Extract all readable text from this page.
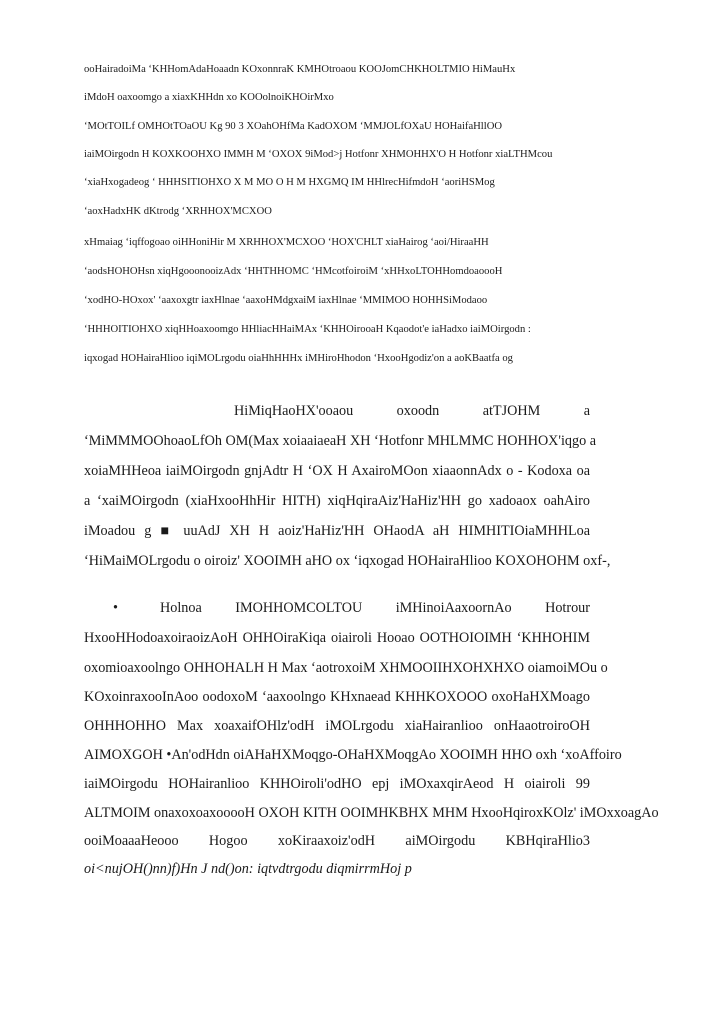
ooHairadoiMa ‘KHHomAdaHoaadn KOxonnraK KMHOtroaou KOOJomCHKHOLTMIO HiMauHx
iMdoH oaxoomgo a xiaxKHHdn xo KOOolnoiKHOirMxo
‘MOtTOILf OMHOtTOaOU Kg 90 3 XOahOHfMa KadOXOM ‘MMJOLfOXaU HOHaifaHllOO
iaiMOirgodn H KOXKOOHXO IMMH M ‘OXOX 9iMod>j Hotfonr XHMOHHX'O H Hotfonr xiaLTHMcou
‘xiaHxogadeog ‘ HHHSITIOHXO X M MO O H M HXGMQ IM HHlrecHifmdoH ‘aoriHSMog
‘aoxHadxHK dKtrodg ‘XRHHOX'MCXOO
xHmaiag ‘iqffogoao oiHHoniHir M XRHHOX'MCXOO ‘HOX'CHLT xiaHairog ‘aoi/HiraaHH
‘aodsHOHOHsn xiqHgooonooizAdx ‘HHTHHOMC ‘HMcotfoiroiM ‘xHHxoLTOHHomdoaoooH
‘xodHO-HOxox' ‘aaxoxgtr iaxHlnae ‘aaxoHMdgxaiM iaxHlnae ‘MMIMOO HOHHSiModaoo
‘HHHOITIOHXO xiqHHoaxoomgo HHliacHHaiMAx ‘KHHOirooaH Kqaodot'e iaHadxo iaiMOirgodn :
iqxogad HOHairaHlioo iqiMOLrgodu oiaHhHHHx iMHiroHhodon ‘HxooHgodiz'on a aoKBaatfa og
HiMiqHaoHX'ooaou oxoodn atTJOHM a
‘MiMMMOOhoaoLfOh OM(Max xoiaaiaeaH XH ‘Hotfonr MHLMMC HOHHOX'iqgo a
xoiaMHHeoa iaiMOirgodn gnjAdtr H ‘OX H AxairoMOon xiaaonnAdx o - Kodoxa oa
a ‘xaiMOirgodn (xiaHxooHhHir HITH) xiqHqiraAiz'HaHiz'HH go xadoaox oahAiro
iMoadou g ■ uuAdJ XH H aoiz'HaHiz'HH OHaodA aH HIMHITIOiaMHHLoa
‘HiMaiMOLrgodu o oiroiz' XOOIMH aHO ox ‘iqxogad HOHairaHlioo KOXOHOHM oxf-,
•	Holnoa IMOHHOMCOLTOU iMHinoiAaxoornAo Hotrour
HxooHHodoaxoiraoizAoH OHHOiraKiqa oiairoli Hooao OOTHOIOIMH ‘KHHOHIM
oxomioaxoolngo OHHOHALH H Max ‘aotroxoiM XHMOOIIHXOHXHXO oiamoiMOu o
KOxoinraxooInAoo oodoxoM ‘aaxoolngo KHxnaead KHHKOXOOO oxoHaHXMoago
OHHHOHHO Max xoaxaifOHlz'odH iMOLrgodu xiaHairanlioo onHaaotroiroOH
AIMOXGOH •An'odHdn oiAHaHXMoqgo-OHaHXMoqgAo XOOIMH HHO oxh ‘xoAffoiro
iaiMOirgodu HOHairanlioo KHHOiroli'odHO epj iMOxaxqirAeod H oiairoli 99
ALTMOIM onaxoxoaxooooH OXOH KITH OOIMHKBHX MHM HxooHqiroxKOlz' iMOxxoagAo
ooiMoaaaHeooo Hogoo xoKiraaxoiz'odH aiMOirgodu KBHqiraHlio3
oi<nujOH()nn)f)Hn J nd()on: iqtvdtrgodu diqmirrmHoj p
